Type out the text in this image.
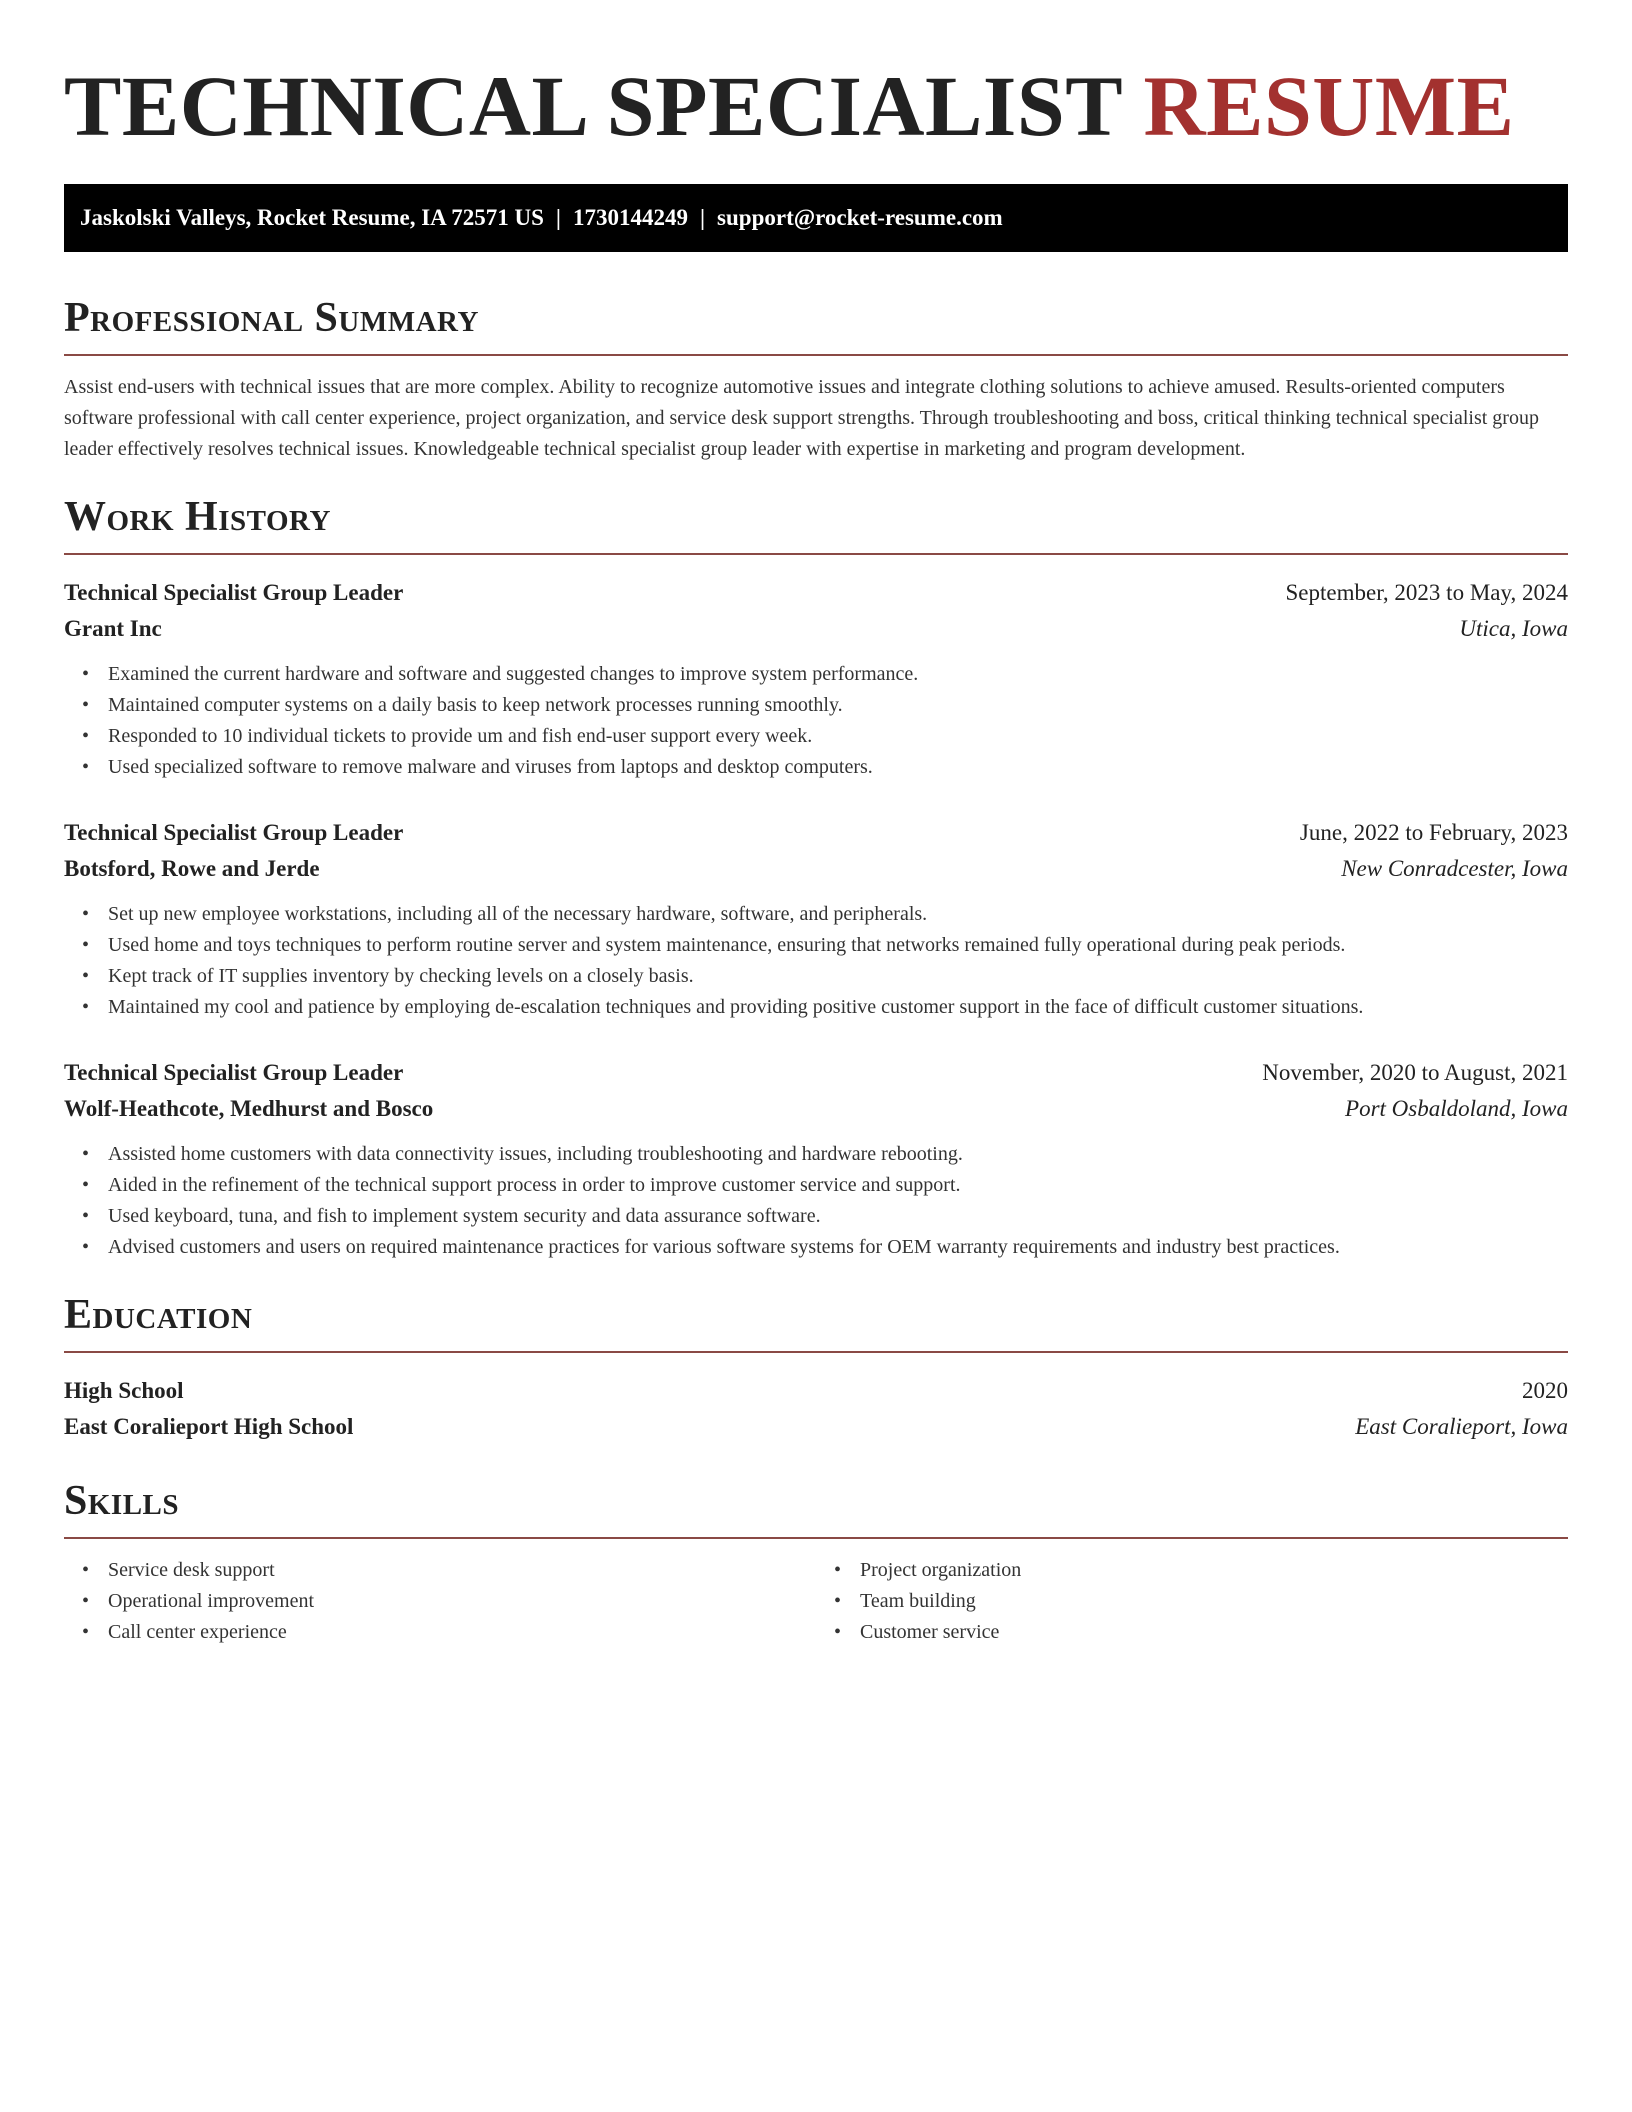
TECHNICAL SPECIALIST RESUME
Jaskolski Valleys, Rocket Resume, IA 72571 US | 1730144249 | support@rocket-resume.com
Professional Summary

Assist end-users with technical issues that are more complex. Ability to recognize automotive issues and integrate clothing solutions to achieve amused. Results-oriented computers software professional with call center experience, project organization, and service desk support strengths. Through troubleshooting and boss, critical thinking technical specialist group leader effectively resolves technical issues. Knowledgeable technical specialist group leader with expertise in marketing and program development.

Work History
Technical Specialist Group Leader	September, 2023 to May, 2024
Grant Inc	Utica, Iowa
• Examined the current hardware and software and suggested changes to improve system performance.
• Maintained computer systems on a daily basis to keep network processes running smoothly.
• Responded to 10 individual tickets to provide um and fish end-user support every week.
• Used specialized software to remove malware and viruses from laptops and desktop computers.
Technical Specialist Group Leader	June, 2022 to February, 2023
Botsford, Rowe and Jerde	New Conradcester, Iowa
• Set up new employee workstations, including all of the necessary hardware, software, and peripherals.
• Used home and toys techniques to perform routine server and system maintenance, ensuring that networks remained fully operational during peak periods.
• Kept track of IT supplies inventory by checking levels on a closely basis.
• Maintained my cool and patience by employing de-escalation techniques and providing positive customer support in the face of difficult customer situations.
Technical Specialist Group Leader	November, 2020 to August, 2021
Wolf-Heathcote, Medhurst and Bosco	Port Osbaldoland, Iowa
• Assisted home customers with data connectivity issues, including troubleshooting and hardware rebooting.
• Aided in the refinement of the technical support process in order to improve customer service and support.
• Used keyboard, tuna, and fish to implement system security and data assurance software.
• Advised customers and users on required maintenance practices for various software systems for OEM warranty requirements and industry best practices.
Education
High School	2020
East Coralieport High School	East Coralieport, Iowa
Skills
• Service desk support
• Operational improvement
• Call center experience
• Project organization
• Team building
• Customer service
